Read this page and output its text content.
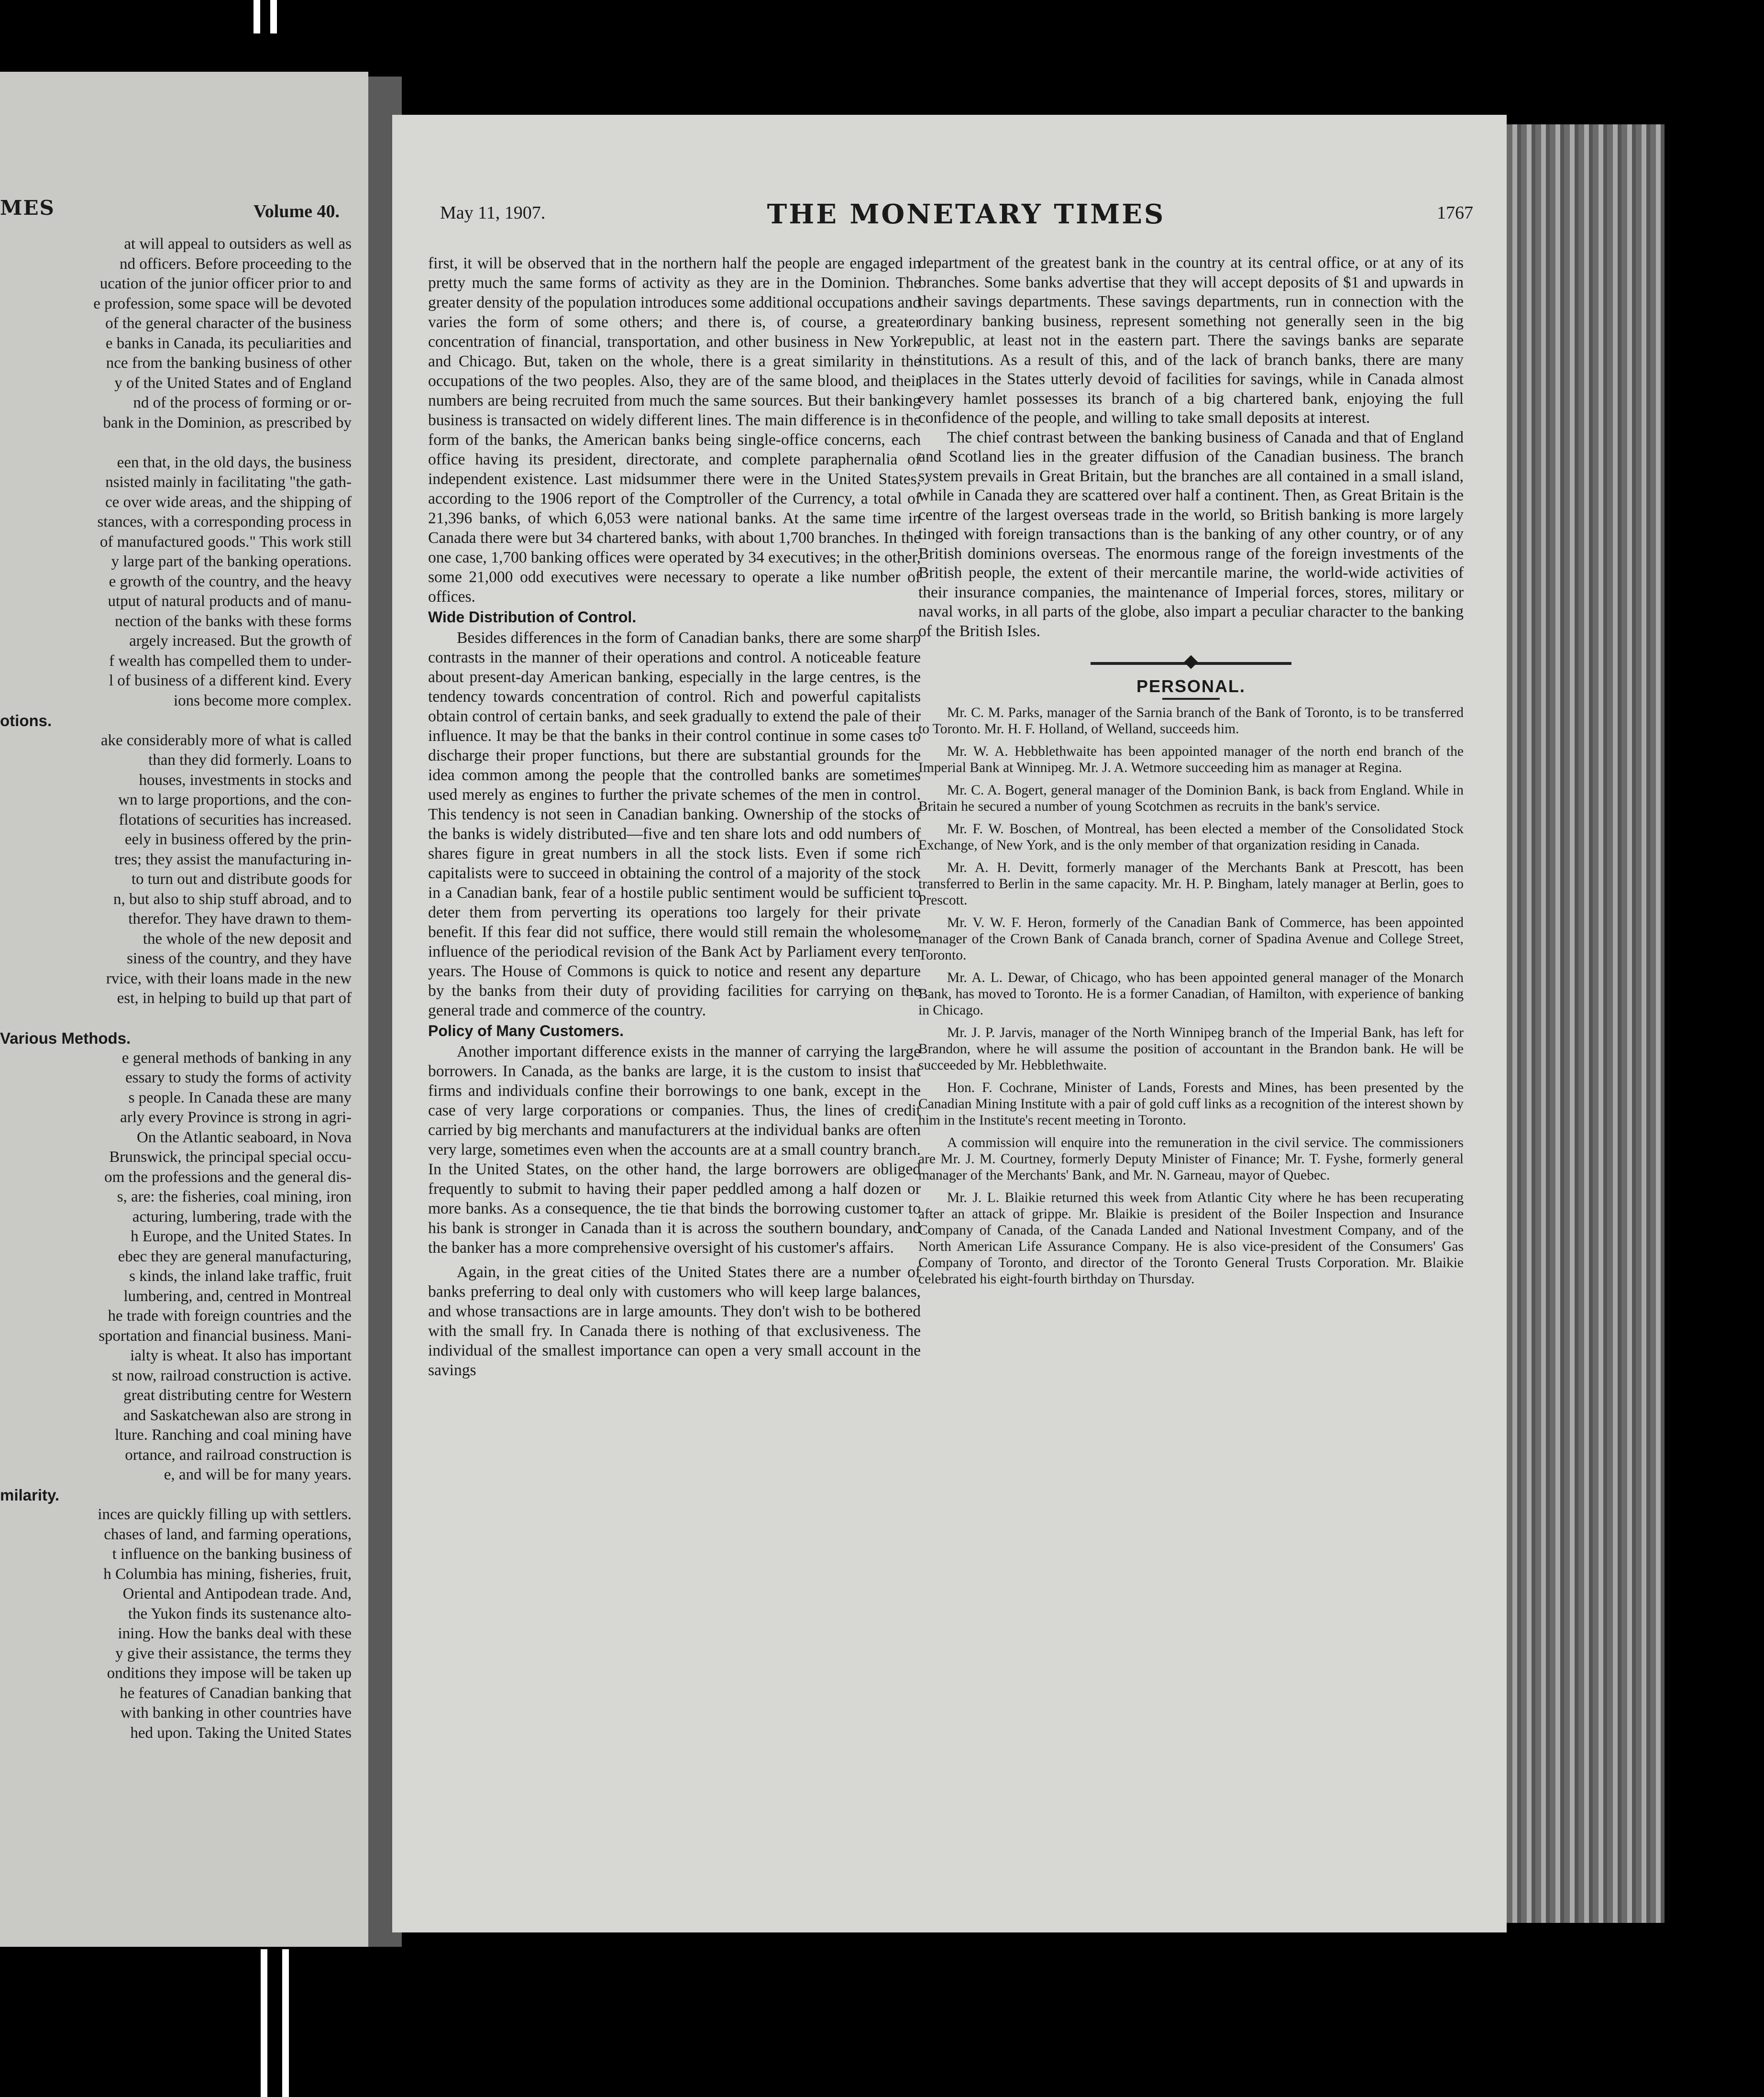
MES	Volume 40.
at will appeal to outsiders as well as
nd officers. Before proceeding to the
ucation of the junior officer prior to and
e profession, some space will be devoted
of the general character of the business
e banks in Canada, its peculiarities and
nce from the banking business of other
y of the United States and of England
nd of the process of forming or or-
bank in the Dominion, as prescribed by
een that, in the old days, the business
nsisted mainly in facilitating "the gath-
ce over wide areas, and the shipping of
stances, with a corresponding process in
of manufactured goods." This work still
y large part of the banking operations.
e growth of the country, and the heavy
utput of natural products and of manu-
nection of the banks with these forms
argely increased. But the growth of
f wealth has compelled them to under-
l of business of a different kind. Every
ions become more complex.
otions.
ake considerably more of what is called
than they did formerly. Loans to
houses, investments in stocks and
wn to large proportions, and the con-
flotations of securities has increased.
eely in business offered by the prin-
tres; they assist the manufacturing in-
to turn out and distribute goods for
n, but also to ship stuff abroad, and to
therefor. They have drawn to them-
the whole of the new deposit and
siness of the country, and they have
rvice, with their loans made in the new
est, in helping to build up that part of
Various Methods.
e general methods of banking in any
essary to study the forms of activity
s people. In Canada these are many
arly every Province is strong in agri-
On the Atlantic seaboard, in Nova
Brunswick, the principal special occu-
om the professions and the general dis-
s, are: the fisheries, coal mining, iron
acturing, lumbering, trade with the
h Europe, and the United States. In
ebec they are general manufacturing,
s kinds, the inland lake traffic, fruit
lumbering, and, centred in Montreal
he trade with foreign countries and the
sportation and financial business. Mani-
ialty is wheat. It also has important
st now, railroad construction is active.
great distributing centre for Western
and Saskatchewan also are strong in
lture. Ranching and coal mining have
ortance, and railroad construction is
e, and will be for many years.
milarity.
inces are quickly filling up with settlers.
chases of land, and farming operations,
t influence on the banking business of
h Columbia has mining, fisheries, fruit,
Oriental and Antipodean trade. And,
the Yukon finds its sustenance alto-
ining. How the banks deal with these
y give their assistance, the terms they
onditions they impose will be taken up
he features of Canadian banking that
with banking in other countries have
hed upon. Taking the United States
May 11, 1907.	THE MONETARY TIMES	1767

first, it will be observed that in the northern half the people are engaged in pretty much the same forms of activity as they are in the Dominion. The greater density of the population introduces some additional occupations and varies the form of some others; and there is, of course, a greater concentration of financial, transportation, and other business in New York and Chicago. But, taken on the whole, there is a great similarity in the occupations of the two peoples. Also, they are of the same blood, and their numbers are being recruited from much the same sources. But their banking business is transacted on widely different lines. The main difference is in the form of the banks, the American banks being single-office concerns, each office having its president, directorate, and complete paraphernalia of independent existence. Last midsummer there were in the United States, according to the 1906 report of the Comptroller of the Currency, a total of 21,396 banks, of which 6,053 were national banks. At the same time in Canada there were but 34 chartered banks, with about 1,700 branches. In the one case, 1,700 banking offices were operated by 34 executives; in the other, some 21,000 odd executives were necessary to operate a like number of offices.

Wide Distribution of Control.

Besides differences in the form of Canadian banks, there are some sharp contrasts in the manner of their operations and control. A noticeable feature about present-day American banking, especially in the large centres, is the tendency towards concentration of control. Rich and powerful capitalists obtain control of certain banks, and seek gradually to extend the pale of their influence. It may be that the banks in their control continue in some cases to discharge their proper functions, but there are substantial grounds for the idea common among the people that the controlled banks are sometimes used merely as engines to further the private schemes of the men in control. This tendency is not seen in Canadian banking. Ownership of the stocks of the banks is widely distributed—five and ten share lots and odd numbers of shares figure in great numbers in all the stock lists. Even if some rich capitalists were to succeed in obtaining the control of a majority of the stock in a Canadian bank, fear of a hostile public sentiment would be sufficient to deter them from perverting its operations too largely for their private benefit. If this fear did not suffice, there would still remain the wholesome influence of the periodical revision of the Bank Act by Parliament every ten years. The House of Commons is quick to notice and resent any departure by the banks from their duty of providing facilities for carrying on the general trade and commerce of the country.

Policy of Many Customers.

Another important difference exists in the manner of carrying the large borrowers. In Canada, as the banks are large, it is the custom to insist that firms and individuals confine their borrowings to one bank, except in the case of very large corporations or companies. Thus, the lines of credit carried by big merchants and manufacturers at the individual banks are often very large, sometimes even when the accounts are at a small country branch. In the United States, on the other hand, the large borrowers are obliged frequently to submit to having their paper peddled among a half dozen or more banks. As a consequence, the tie that binds the borrowing customer to his bank is stronger in Canada than it is across the southern boundary, and the banker has a more comprehensive oversight of his customer's affairs.

Again, in the great cities of the United States there are a number of banks preferring to deal only with customers who will keep large balances, and whose transactions are in large amounts. They don't wish to be bothered with the small fry. In Canada there is nothing of that exclusiveness. The individual of the smallest importance can open a very small account in the savings

department of the greatest bank in the country at its central office, or at any of its branches. Some banks advertise that they will accept deposits of $1 and upwards in their savings departments. These savings departments, run in connection with the ordinary banking business, represent something not generally seen in the big republic, at least not in the eastern part. There the savings banks are separate institutions. As a result of this, and of the lack of branch banks, there are many places in the States utterly devoid of facilities for savings, while in Canada almost every hamlet possesses its branch of a big chartered bank, enjoying the full confidence of the people, and willing to take small deposits at interest.

The chief contrast between the banking business of Canada and that of England and Scotland lies in the greater diffusion of the Canadian business. The branch system prevails in Great Britain, but the branches are all contained in a small island, while in Canada they are scattered over half a continent. Then, as Great Britain is the centre of the largest overseas trade in the world, so British banking is more largely tinged with foreign transactions than is the banking of any other country, or of any British dominions overseas. The enormous range of the foreign investments of the British people, the extent of their mercantile marine, the world-wide activities of their insurance companies, the maintenance of Imperial forces, stores, military or naval works, in all parts of the globe, also impart a peculiar character to the banking of the British Isles.

◆

PERSONAL.

Mr. C. M. Parks, manager of the Sarnia branch of the Bank of Toronto, is to be transferred to Toronto. Mr. H. F. Holland, of Welland, succeeds him.

Mr. W. A. Hebblethwaite has been appointed manager of the north end branch of the Imperial Bank at Winnipeg. Mr. J. A. Wetmore succeeding him as manager at Regina.

Mr. C. A. Bogert, general manager of the Dominion Bank, is back from England. While in Britain he secured a number of young Scotchmen as recruits in the bank's service.

Mr. F. W. Boschen, of Montreal, has been elected a member of the Consolidated Stock Exchange, of New York, and is the only member of that organization residing in Canada.

Mr. A. H. Devitt, formerly manager of the Merchants Bank at Prescott, has been transferred to Berlin in the same capacity. Mr. H. P. Bingham, lately manager at Berlin, goes to Prescott.

Mr. V. W. F. Heron, formerly of the Canadian Bank of Commerce, has been appointed manager of the Crown Bank of Canada branch, corner of Spadina Avenue and College Street, Toronto.

Mr. A. L. Dewar, of Chicago, who has been appointed general manager of the Monarch Bank, has moved to Toronto. He is a former Canadian, of Hamilton, with experience of banking in Chicago.

Mr. J. P. Jarvis, manager of the North Winnipeg branch of the Imperial Bank, has left for Brandon, where he will assume the position of accountant in the Brandon bank. He will be succeeded by Mr. Hebblethwaite.

Hon. F. Cochrane, Minister of Lands, Forests and Mines, has been presented by the Canadian Mining Institute with a pair of gold cuff links as a recognition of the interest shown by him in the Institute's recent meeting in Toronto.

A commission will enquire into the remuneration in the civil service. The commissioners are Mr. J. M. Courtney, formerly Deputy Minister of Finance; Mr. T. Fyshe, formerly general manager of the Merchants' Bank, and Mr. N. Garneau, mayor of Quebec.

Mr. J. L. Blaikie returned this week from Atlantic City where he has been recuperating after an attack of grippe. Mr. Blaikie is president of the Boiler Inspection and Insurance Company of Canada, of the Canada Landed and National Investment Company, and of the North American Life Assurance Company. He is also vice-president of the Consumers' Gas Company of Toronto, and director of the Toronto General Trusts Corporation. Mr. Blaikie celebrated his eight-fourth birthday on Thursday.
